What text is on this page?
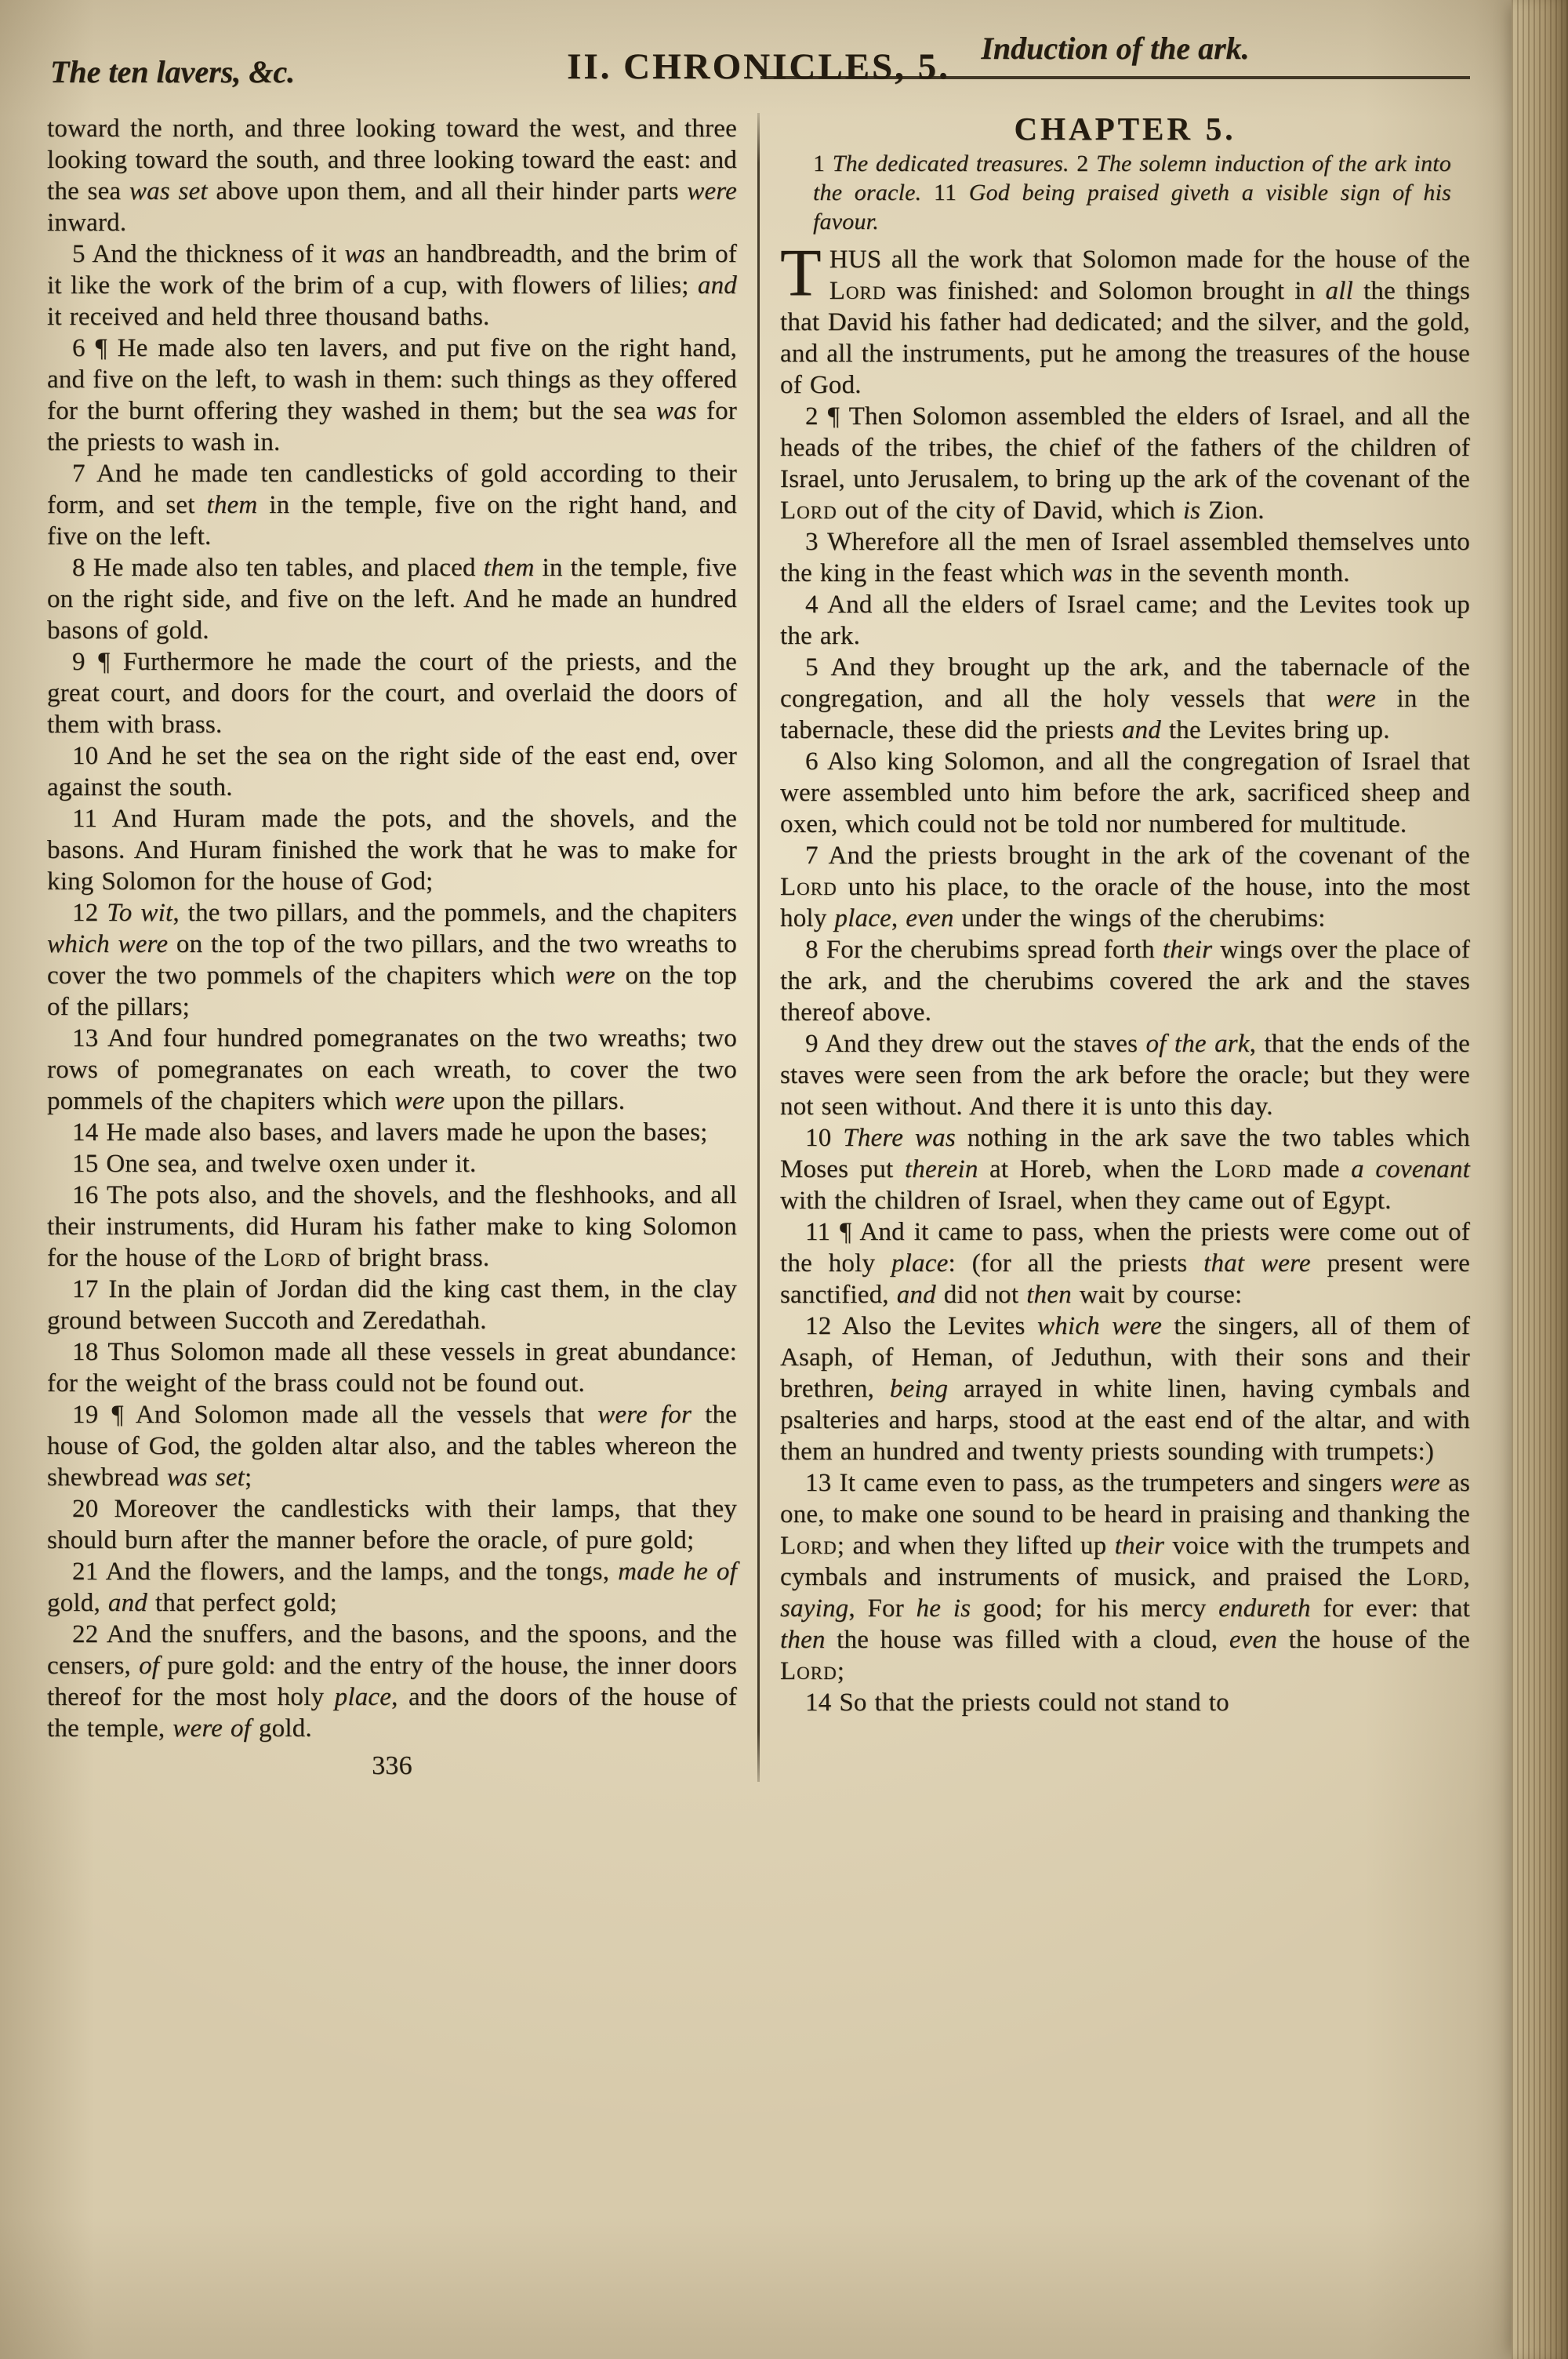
The ten lavers, &c.	II. CHRONICLES, 5. Induction of the ark.

toward the north, and three looking toward the west, and three looking toward the south, and three looking toward the east: and the sea was set above upon them, and all their hinder parts were inward.

5 And the thickness of it was an handbreadth, and the brim of it like the work of the brim of a cup, with flowers of lilies; and it received and held three thousand baths.

6 ¶ He made also ten lavers, and put five on the right hand, and five on the left, to wash in them: such things as they offered for the burnt offering they washed in them; but the sea was for the priests to wash in.

7 And he made ten candlesticks of gold according to their form, and set them in the temple, five on the right hand, and five on the left.

8 He made also ten tables, and placed them in the temple, five on the right side, and five on the left. And he made an hundred basons of gold.

9 ¶ Furthermore he made the court of the priests, and the great court, and doors for the court, and overlaid the doors of them with brass.

10 And he set the sea on the right side of the east end, over against the south.

11 And Huram made the pots, and the shovels, and the basons. And Huram finished the work that he was to make for king Solomon for the house of God;

12 To wit, the two pillars, and the pommels, and the chapiters which were on the top of the two pillars, and the two wreaths to cover the two pommels of the chapiters which were on the top of the pillars;

13 And four hundred pomegranates on the two wreaths; two rows of pomegranates on each wreath, to cover the two pommels of the chapiters which were upon the pillars.

14 He made also bases, and lavers made he upon the bases;

15 One sea, and twelve oxen under it.

16 The pots also, and the shovels, and the fleshhooks, and all their instruments, did Huram his father make to king Solomon for the house of the Lord of bright brass.

17 In the plain of Jordan did the king cast them, in the clay ground between Succoth and Zeredathah.

18 Thus Solomon made all these vessels in great abundance: for the weight of the brass could not be found out.

19 ¶ And Solomon made all the vessels that were for the house of God, the golden altar also, and the tables whereon the shewbread was set;

20 Moreover the candlesticks with their lamps, that they should burn after the manner before the oracle, of pure gold;

21 And the flowers, and the lamps, and the tongs, made he of gold, and that perfect gold;

22 And the snuffers, and the basons, and the spoons, and the censers, of pure gold: and the entry of the house, the inner doors thereof for the most holy place, and the doors of the house of the temple, were of gold.

336
CHAPTER 5.

1 The dedicated treasures. 2 The solemn induction of the ark into the oracle. 11 God being praised giveth a visible sign of his favour.

THUS all the work that Solomon made for the house of the Lord was finished: and Solomon brought in all the things that David his father had dedicated; and the silver, and the gold, and all the instruments, put he among the treasures of the house of God.

2 ¶ Then Solomon assembled the elders of Israel, and all the heads of the tribes, the chief of the fathers of the children of Israel, unto Jerusalem, to bring up the ark of the covenant of the Lord out of the city of David, which is Zion.

3 Wherefore all the men of Israel assembled themselves unto the king in the feast which was in the seventh month.

4 And all the elders of Israel came; and the Levites took up the ark.

5 And they brought up the ark, and the tabernacle of the congregation, and all the holy vessels that were in the tabernacle, these did the priests and the Levites bring up.

6 Also king Solomon, and all the congregation of Israel that were assembled unto him before the ark, sacrificed sheep and oxen, which could not be told nor numbered for multitude.

7 And the priests brought in the ark of the covenant of the Lord unto his place, to the oracle of the house, into the most holy place, even under the wings of the cherubims:

8 For the cherubims spread forth their wings over the place of the ark, and the cherubims covered the ark and the staves thereof above.

9 And they drew out the staves of the ark, that the ends of the staves were seen from the ark before the oracle; but they were not seen without. And there it is unto this day.

10 There was nothing in the ark save the two tables which Moses put therein at Horeb, when the Lord made a covenant with the children of Israel, when they came out of Egypt.

11 ¶ And it came to pass, when the priests were come out of the holy place: (for all the priests that were present were sanctified, and did not then wait by course:

12 Also the Levites which were the singers, all of them of Asaph, of Heman, of Jeduthun, with their sons and their brethren, being arrayed in white linen, having cymbals and psalteries and harps, stood at the east end of the altar, and with them an hundred and twenty priests sounding with trumpets:)

13 It came even to pass, as the trumpeters and singers were as one, to make one sound to be heard in praising and thanking the Lord; and when they lifted up their voice with the trumpets and cymbals and instruments of musick, and praised the Lord, saying, For he is good; for his mercy endureth for ever: that then the house was filled with a cloud, even the house of the Lord;

14 So that the priests could not stand to
